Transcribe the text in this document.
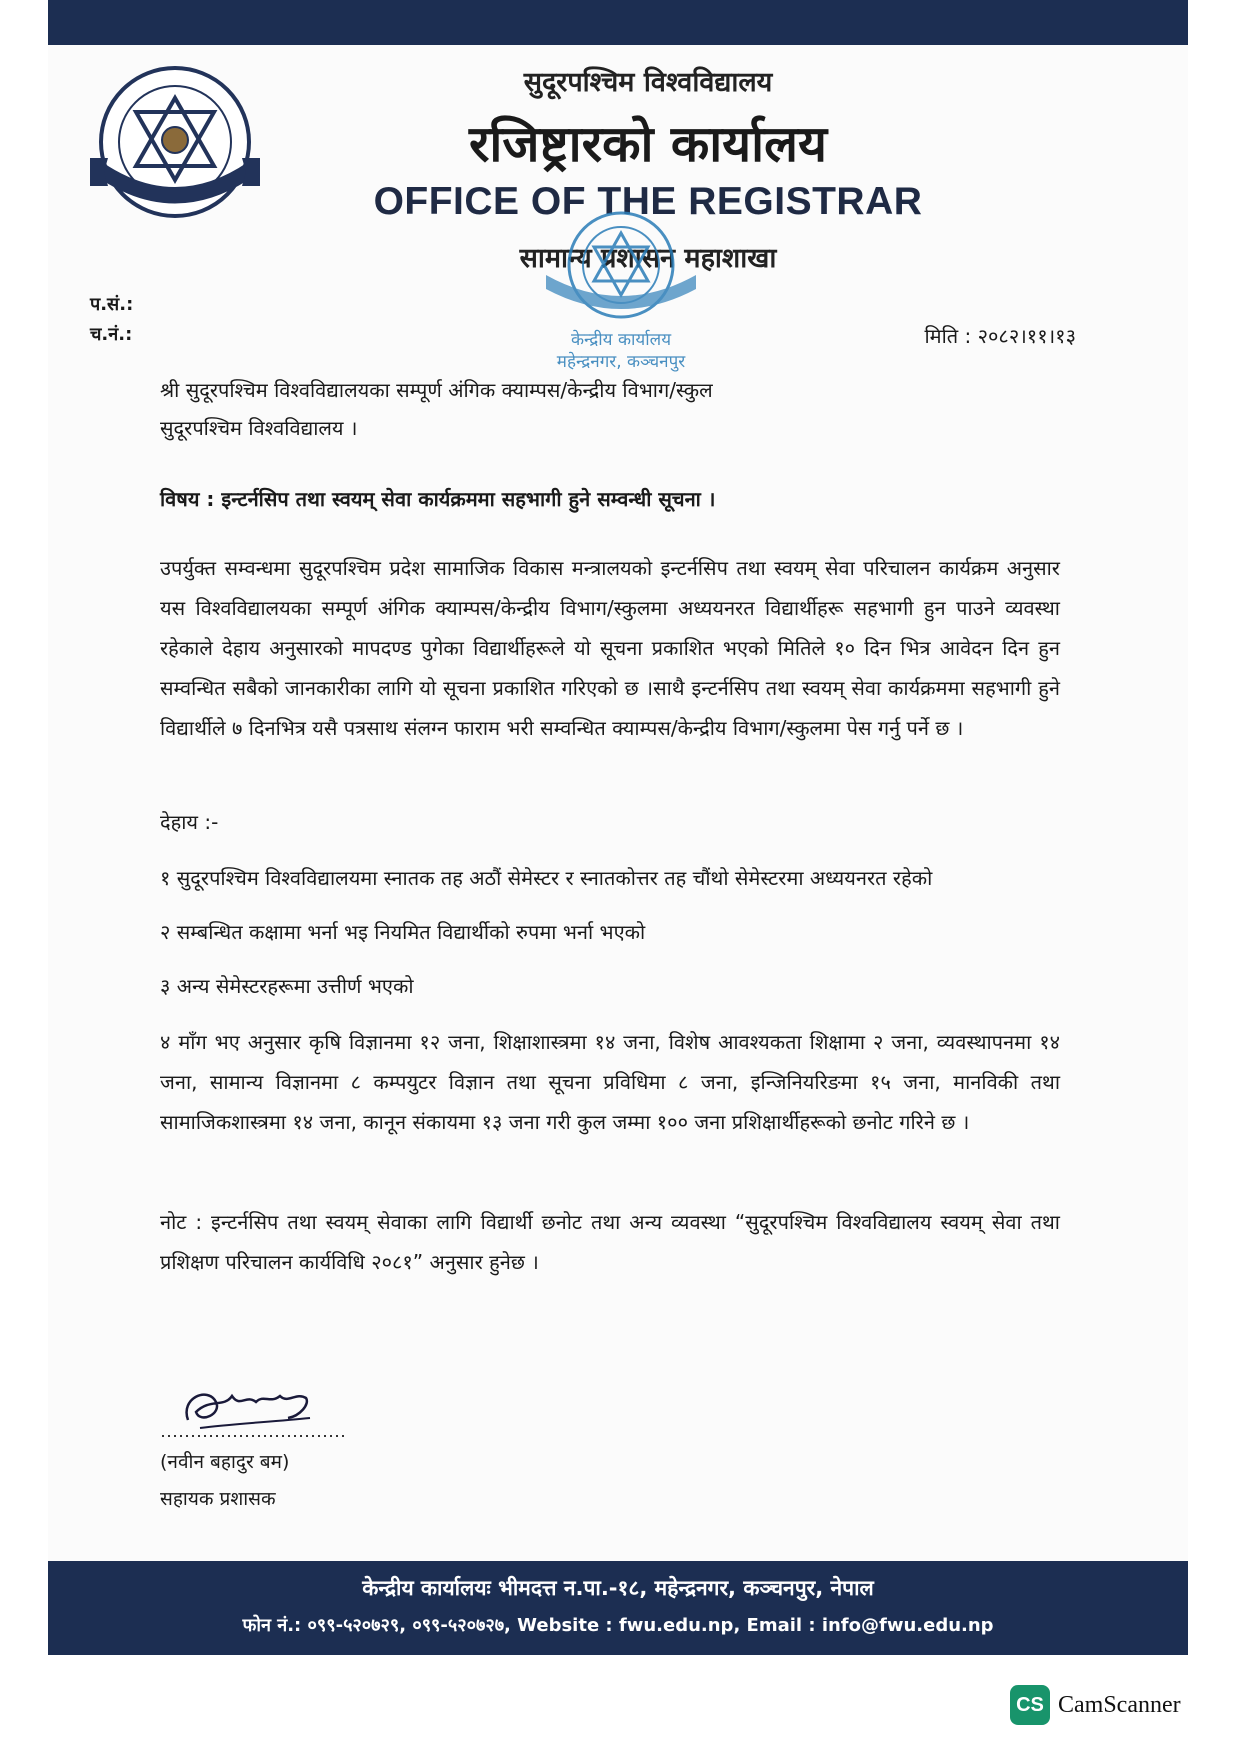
सुदूरपश्चिम विश्वविद्यालय
रजिष्ट्रारको कार्यालय
OFFICE OF THE REGISTRAR
सामान्य प्रशासन महाशाखा
केन्द्रीय कार्यालय
महेन्द्रनगर, कञ्चनपुर
प.सं.:
च.नं.:	मिति : २०८२।११।१३
श्री सुदूरपश्चिम विश्वविद्यालयका सम्पूर्ण अंगिक क्याम्पस/केन्द्रीय विभाग/स्कुल
सुदूरपश्चिम विश्वविद्यालय ।
विषय : इन्टर्नसिप तथा स्वयम् सेवा कार्यक्रममा सहभागी हुने सम्वन्धी सूचना ।
उपर्युक्त सम्वन्धमा सुदूरपश्चिम प्रदेश सामाजिक विकास मन्त्रालयको इन्टर्नसिप तथा स्वयम् सेवा परिचालन कार्यक्रम अनुसार यस विश्वविद्यालयका सम्पूर्ण अंगिक क्याम्पस/केन्द्रीय विभाग/स्कुलमा अध्ययनरत विद्यार्थीहरू सहभागी हुन पाउने व्यवस्था रहेकाले देहाय अनुसारको मापदण्ड पुगेका विद्यार्थीहरूले यो सूचना प्रकाशित भएको मितिले १० दिन भित्र आवेदन दिन हुन सम्वन्धित सबैको जानकारीका लागि यो सूचना प्रकाशित गरिएको छ ।साथै इन्टर्नसिप तथा स्वयम् सेवा कार्यक्रममा सहभागी हुने विद्यार्थीले ७ दिनभित्र यसै पत्रसाथ संलग्न फाराम भरी सम्वन्धित क्याम्पस/केन्द्रीय विभाग/स्कुलमा पेस गर्नु पर्ने छ ।
देहाय :-
१ सुदूरपश्चिम विश्वविद्यालयमा स्नातक तह अठौं सेमेस्टर र स्नातकोत्तर तह चौंथो सेमेस्टरमा अध्ययनरत रहेको
२ सम्बन्धित कक्षामा भर्ना भइ नियमित विद्यार्थीको रुपमा भर्ना भएको
३ अन्य सेमेस्टरहरूमा उत्तीर्ण भएको
४ माँग भए अनुसार कृषि विज्ञानमा १२ जना, शिक्षाशास्त्रमा १४ जना, विशेष आवश्यकता शिक्षामा २ जना, व्यवस्थापनमा १४ जना, सामान्य विज्ञानमा ८ कम्पयुटर विज्ञान तथा सूचना प्रविधिमा ८ जना, इन्जिनियरिङमा १५ जना, मानविकी तथा सामाजिकशास्त्रमा १४ जना, कानून संकायमा १३ जना गरी कुल जम्मा १०० जना प्रशिक्षार्थीहरूको छनोट गरिने छ ।
नोट : इन्टर्नसिप तथा स्वयम् सेवाका लागि विद्यार्थी छनोट तथा अन्य व्यवस्था “सुदूरपश्चिम विश्वविद्यालय स्वयम् सेवा तथा प्रशिक्षण परिचालन कार्यविधि २०८१” अनुसार हुनेछ ।
(नवीन बहादुर बम)
सहायक प्रशासक
केन्द्रीय कार्यालयः भीमदत्त न.पा.-१८, महेन्द्रनगर, कञ्चनपुर, नेपाल
फोन नं.: ०९९-५२०७२९, ०९९-५२०७२७, Website : fwu.edu.np, Email : info@fwu.edu.np
CS CamScanner
